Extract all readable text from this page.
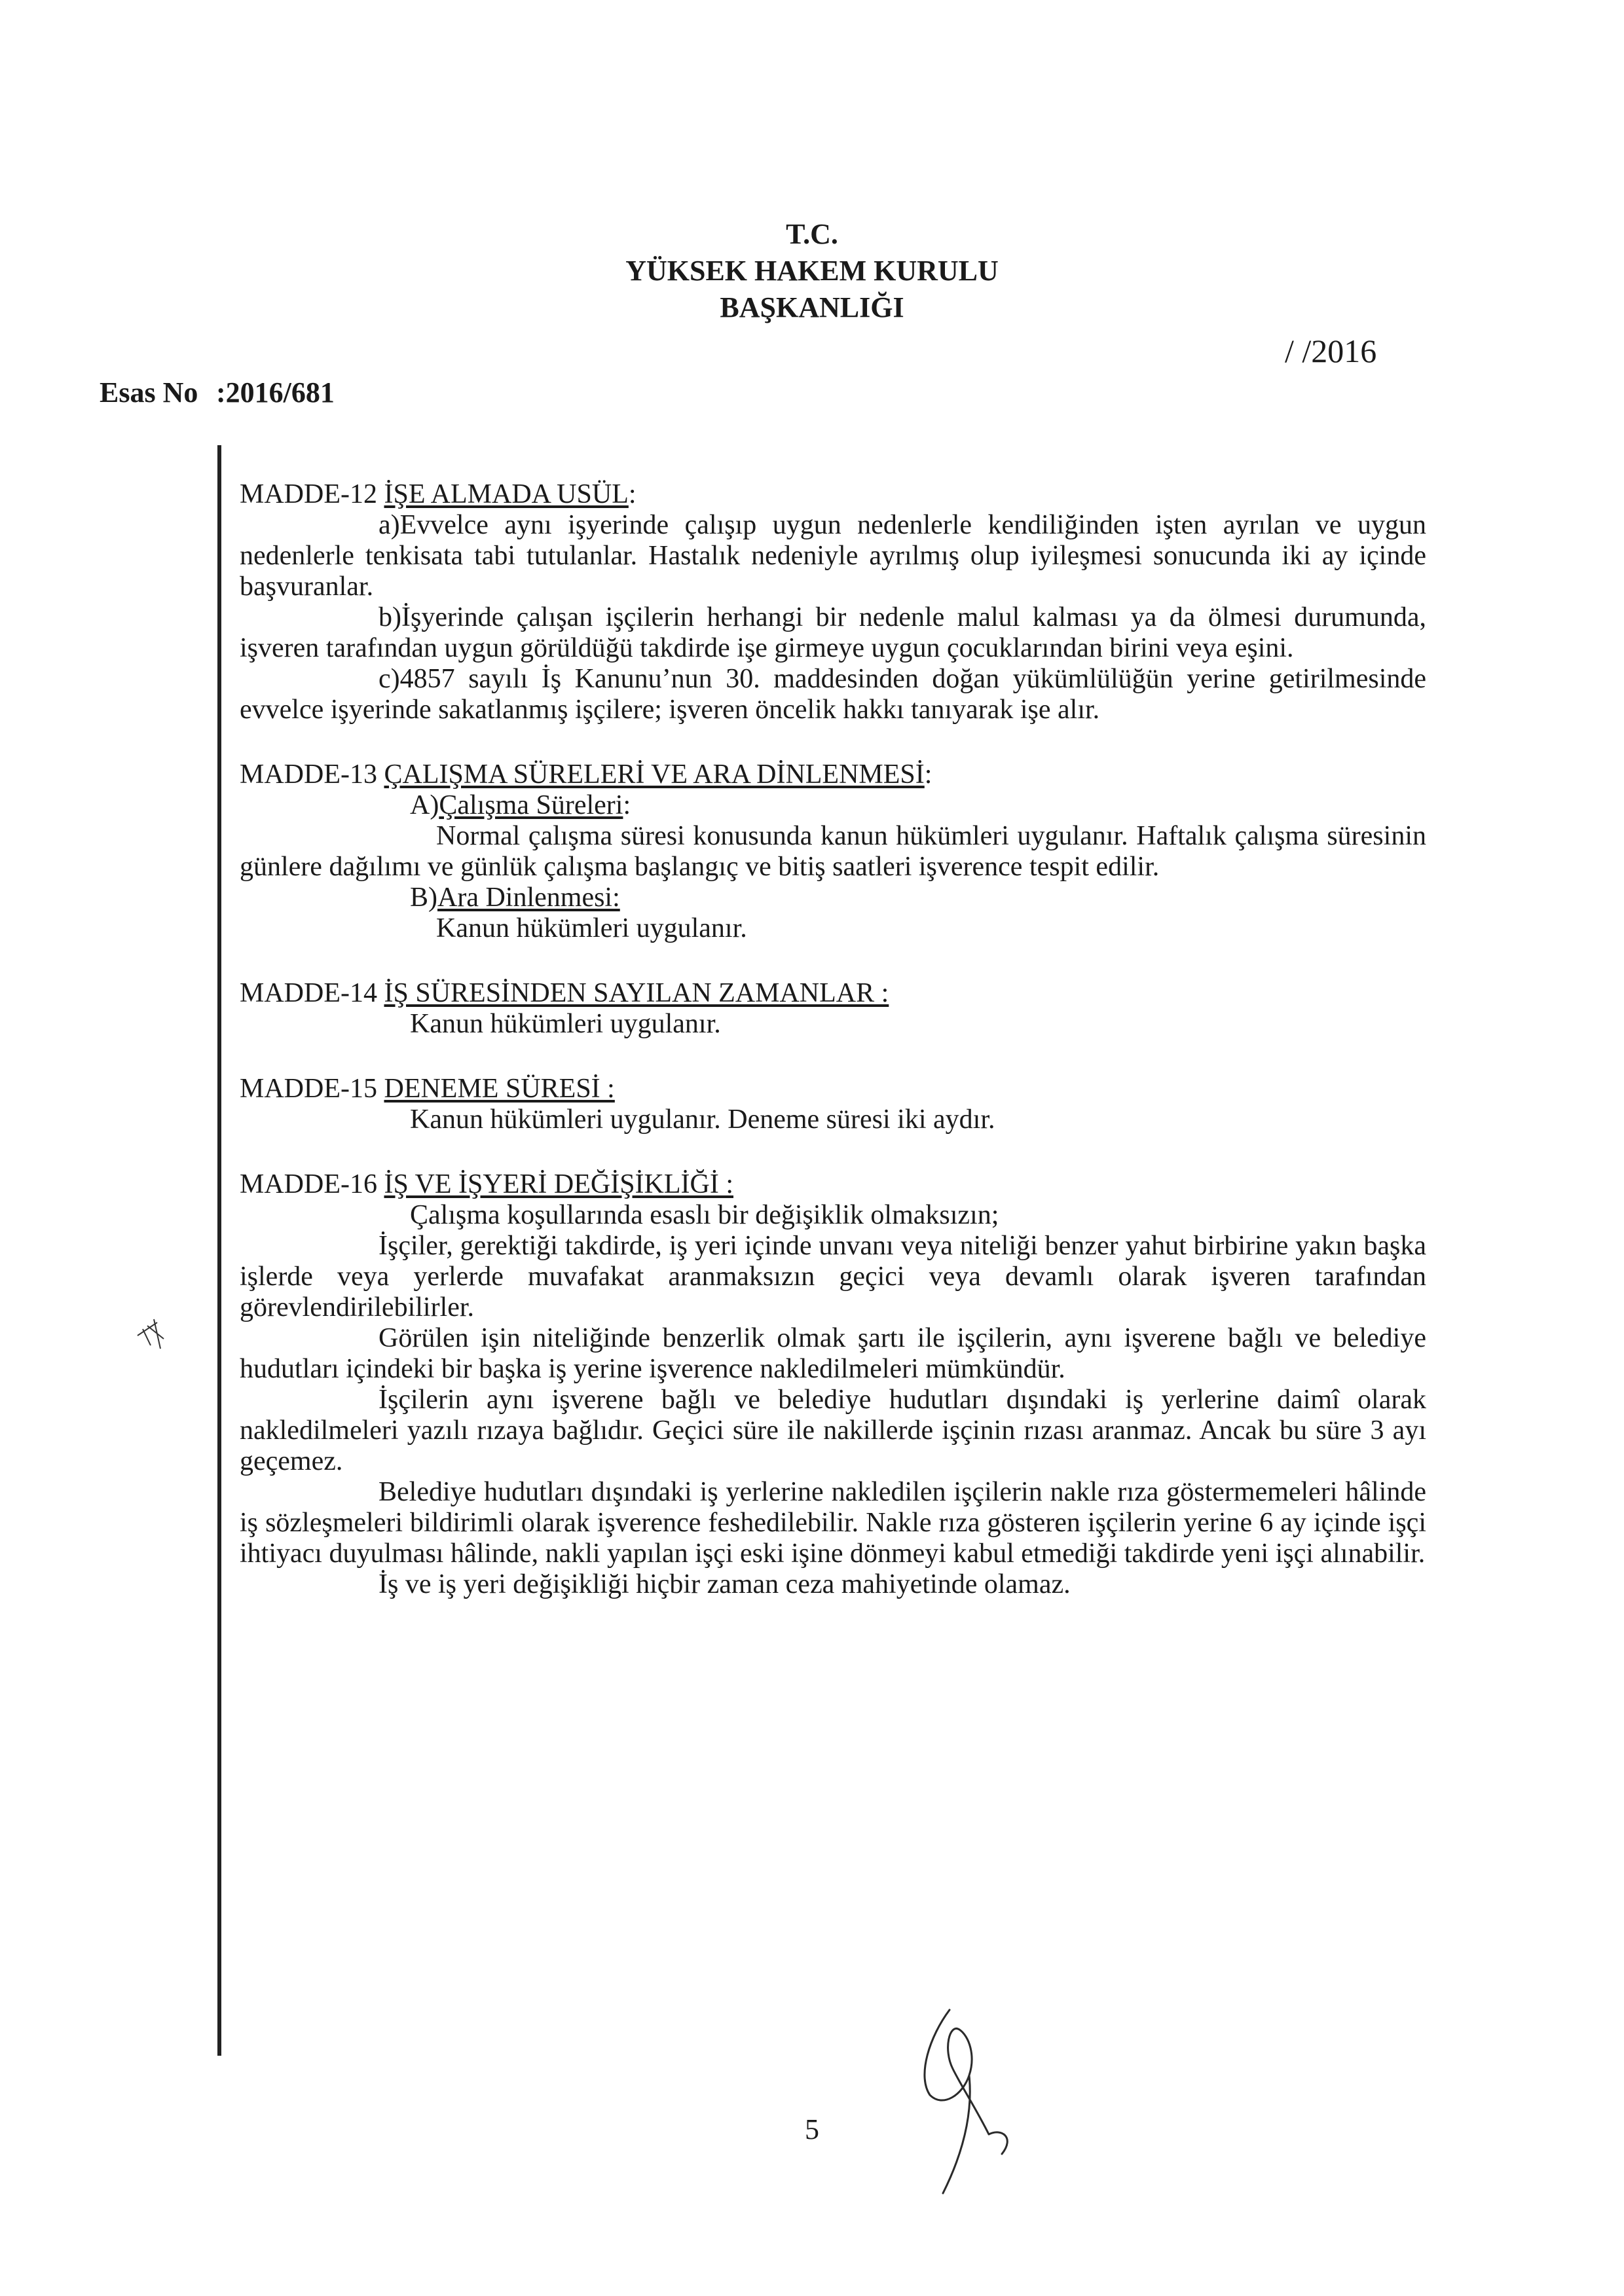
T.C.
YÜKSEK HAKEM KURULU
BAŞKANLIĞI
Esas No :2016/681
/ /2016

MADDE-12 İŞE ALMADA USÜL:

a)Evvelce aynı işyerinde çalışıp uygun nedenlerle kendiliğinden işten ayrılan ve uygun nedenlerle tenkisata tabi tutulanlar. Hastalık nedeniyle ayrılmış olup iyileşmesi sonucunda iki ay içinde başvuranlar.

b)İşyerinde çalışan işçilerin herhangi bir nedenle malul kalması ya da ölmesi durumunda, işveren tarafından uygun görüldüğü takdirde işe girmeye uygun çocuklarından birini veya eşini.

c)4857 sayılı İş Kanunu’nun 30. maddesinden doğan yükümlülüğün yerine getirilmesinde evvelce işyerinde sakatlanmış işçilere; işveren öncelik hakkı tanıyarak işe alır.

MADDE-13 ÇALIŞMA SÜRELERİ VE ARA DİNLENMESİ:

A)Çalışma Süreleri:

Normal çalışma süresi konusunda kanun hükümleri uygulanır. Haftalık çalışma süresinin günlere dağılımı ve günlük çalışma başlangıç ve bitiş saatleri işverence tespit edilir.

B)Ara Dinlenmesi:

Kanun hükümleri uygulanır.

MADDE-14 İŞ SÜRESİNDEN SAYILAN ZAMANLAR :

Kanun hükümleri uygulanır.

MADDE-15 DENEME SÜRESİ :

Kanun hükümleri uygulanır. Deneme süresi iki aydır.

MADDE-16 İŞ VE İŞYERİ DEĞİŞİKLİĞİ :

Çalışma koşullarında esaslı bir değişiklik olmaksızın;

İşçiler, gerektiği takdirde, iş yeri içinde unvanı veya niteliği benzer yahut birbirine yakın başka işlerde veya yerlerde muvafakat aranmaksızın geçici veya devamlı olarak işveren tarafından görevlendirilebilirler.

Görülen işin niteliğinde benzerlik olmak şartı ile işçilerin, aynı işverene bağlı ve belediye hudutları içindeki bir başka iş yerine işverence nakledilmeleri mümkündür.

İşçilerin aynı işverene bağlı ve belediye hudutları dışındaki iş yerlerine daimî olarak nakledilmeleri yazılı rızaya bağlıdır. Geçici süre ile nakillerde işçinin rızası aranmaz. Ancak bu süre 3 ayı geçemez.

Belediye hudutları dışındaki iş yerlerine nakledilen işçilerin nakle rıza göstermemeleri hâlinde iş sözleşmeleri bildirimli olarak işverence feshedilebilir. Nakle rıza gösteren işçilerin yerine 6 ay içinde işçi ihtiyacı duyulması hâlinde, nakli yapılan işçi eski işine dönmeyi kabul etmediği takdirde yeni işçi alınabilir.

İş ve iş yeri değişikliği hiçbir zaman ceza mahiyetinde olamaz.

5
